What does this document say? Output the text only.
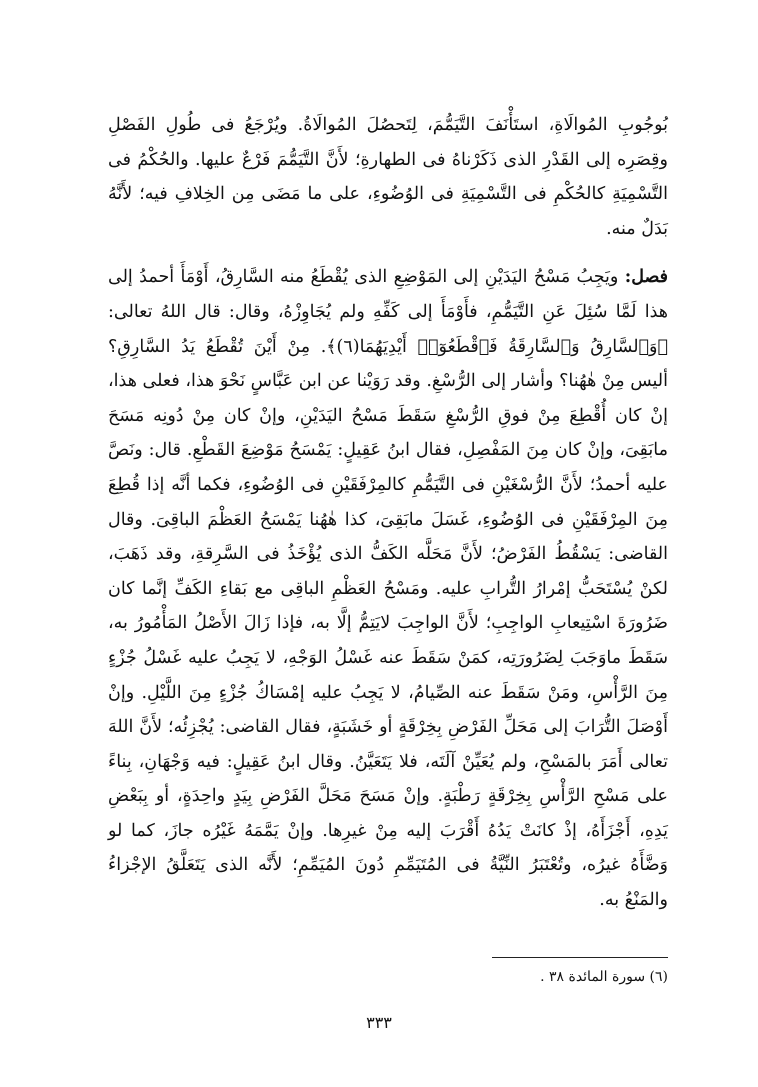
بُوجُوبِ المُوالَاةِ، استَأْنَفَ التَّيَمُّمَ، لِتَحصُلَ المُوالَاةُ. ويُرْجَعُ فى طُولِ الفَصْلِ وقِصَرِه إلى القَدْرِ الذى ذَكَرْناهُ فى الطهارةِ؛ لأَنَّ التَّيَمُّمَ فَرْعٌ عليها. والحُكْمُ فى التَّسْمِيَةِ كالحُكْمِ فى التَّسْمِيَةِ فى الوُضُوءِ، على ما مَضَى مِن الخِلافِ فيه؛ لأَنَّهُ بَدَلٌ منه.

فصل: ويَجِبُ مَسْحُ اليَدَيْنِ إلى المَوْضِعِ الذى يُقْطَعُ منه السَّارِقُ، أَوْمَأَ أحمدُ إلى هذا لَمَّا سُئِلَ عَنِ التَّيَمُّمِ، فأَوْمَأَ إلى كَفِّهِ ولم يُجَاوِزْهُ، وقال: قال اللهُ تعالى: ﴿وَٱلسَّارِقُ وَٱلسَّارِقَةُ فَٱقْطَعُوٓا۟ أَيْدِيَهُمَا(٦)﴾. مِنْ أَيْنَ تُقْطَعُ يَدُ السَّارِقِ؟ أليس مِنْ هٰهُنا؟ وأشار إلى الرُّسْغِ. وقد رَوَيْنا عن ابن عَبَّاسٍ نَحْوَ هذا، فعلى هذا، إنْ كان أُقْطِعَ مِنْ فوقِ الرُّسْغِ سَقَطَ مَسْحُ اليَدَيْنِ، وإنْ كان مِنْ دُونِه مَسَحَ مابَقِىَ، وإنْ كان مِنَ المَفْصِلِ، فقال ابنُ عَقِيلٍ: يَمْسَحُ مَوْضِعَ القَطْعِ. قال: ونَصَّ عليه أحمدُ؛ لأَنَّ الرُّسْغَيْنِ فى التَّيَمُّمِ كالمِرْفَقَيْنِ فى الوُضُوءِ، فكما أنَّه إذا قُطِعَ مِنَ المِرْفَقَيْنِ فى الوُضُوءِ، غَسَلَ مابَقِىَ، كذا هٰهُنا يَمْسَحُ العَظْمَ الباقِىَ. وقال القاضى: يَسْقُطُ الفَرْضُ؛ لأَنَّ مَحَلَّه الكَفُّ الذى يُؤْخَذُ فى السَّرِقةِ، وقد ذَهَبَ، لكنْ يُسْتَحَبُّ إمْرارُ التُّرابِ عليه. ومَسْحُ العَظْمِ الباقِى مع بَقاءِ الكَفِّ إنَّما كان ضَرُورَةَ اسْتِيعابِ الواجِبِ؛ لأَنَّ الواجِبَ لايَتِمُّ إلَّا به، فإذا زَالَ الأَصْلُ المَأْمُورُ به، سَقَطَ ماوَجَبَ لِضَرُورَتِه، كمَنْ سَقَطَ عنه غَسْلُ الوَجْهِ، لا يَجِبُ عليه غَسْلُ جُزْءٍ مِنَ الرَّأْسِ، ومَنْ سَقَطَ عنه الصِّيامُ، لا يَجِبُ عليه إمْسَاكُ جُزْءٍ مِنَ اللَّيْلِ. وإنْ أَوْصَلَ التُّرَابَ إلى مَحَلِّ الفَرْضِ بِخِرْقَةٍ أو خَشَبَةٍ، فقال القاضى: يُجْزِئُه؛ لأَنَّ اللهَ تعالى أَمَرَ بالمَسْحِ، ولم يُعَيِّنْ آلَتَه، فلا يَتَعَيَّنُ. وقال ابنُ عَقِيلٍ: فيه وَجْهَانِ، بِناءً على مَسْحِ الرَّأْسِ بِخِرْقَةٍ رَطْبَةٍ. وإنْ مَسَحَ مَحَلَّ الفَرْضِ بِيَدٍ واحِدَةٍ، أو بِبَعْضِ يَدِهِ، أَجْزَأَهُ، إذْ كانَتْ يَدُهُ أَقْرَبَ إليه مِنْ غيرِها. وإنْ يَمَّمَهُ غَيْرُه جازَ، كما لو وَضَّأَهُ غيرُه، وتُعْتَبَرُ النِّيَّةُ فى المُتَيَمِّمِ دُونَ المُيَمِّمِ؛ لأَنَّه الذى يَتَعَلَّقُ الإجْزاءُ والمَنْعُ به.

(٦) سورة المائدة ٣٨ .
٣٣٣
